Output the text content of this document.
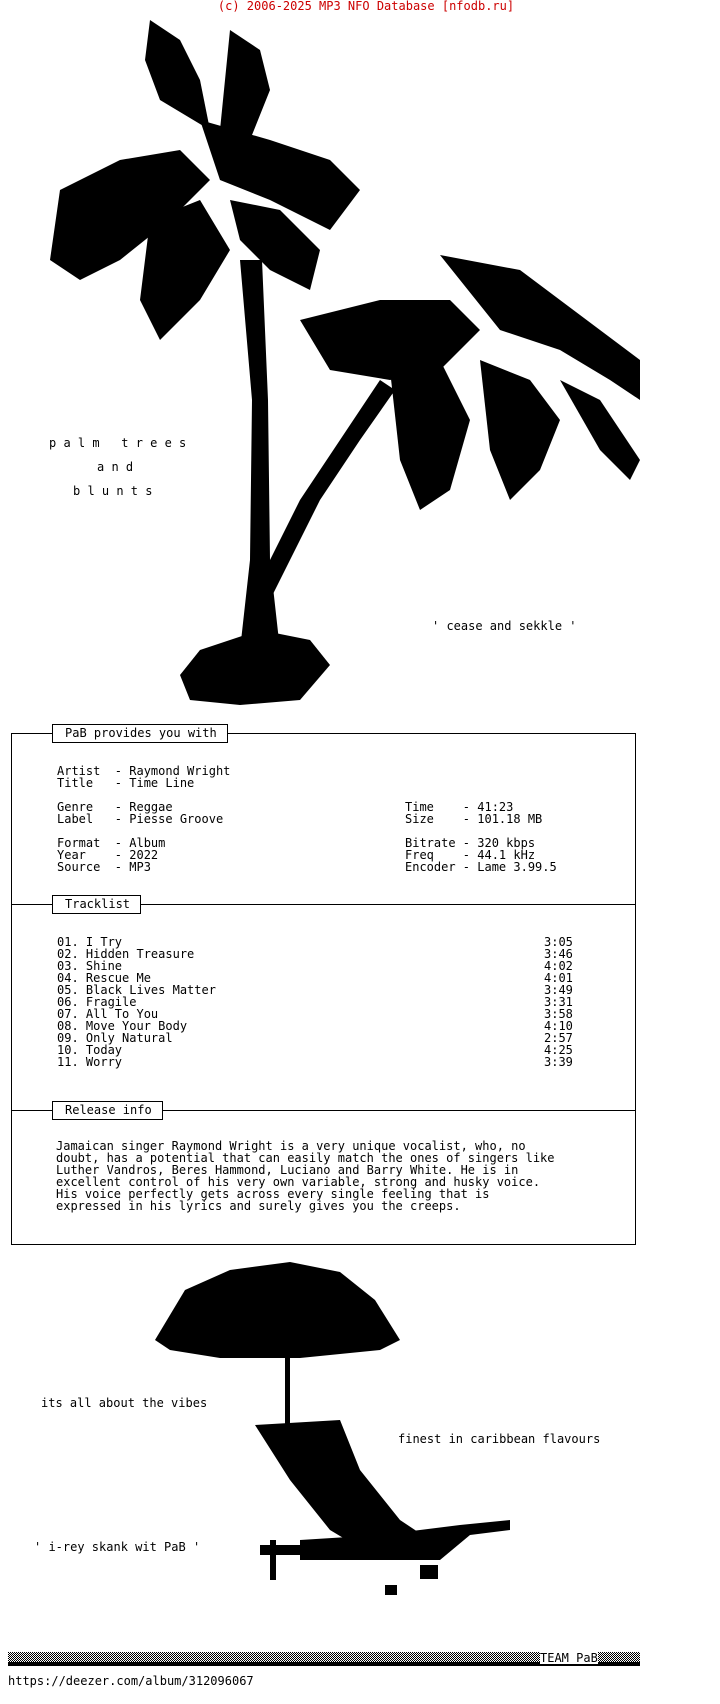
(c) 2006-2025 MP3 NFO Database [nfodb.ru]
p a l m   t r e e s
a n d
b l u n t s
' cease and sekkle '
PaB provides you with
Artist  - Raymond Wright
Title   - Time Line
Genre   - Reggae
Label   - Piesse Groove
Format  - Album
Year    - 2022
Source  - MP3
Time    - 41:23
Size    - 101.18 MB
Bitrate - 320 kbps
Freq    - 44.1 kHz
Encoder - Lame 3.99.5
Tracklist
01. I Try	3:05
02. Hidden Treasure	3:46
03. Shine	4:02
04. Rescue Me	4:01
05. Black Lives Matter	3:49
06. Fragile	3:31
07. All To You	3:58
08. Move Your Body	4:10
09. Only Natural	2:57
10. Today	4:25
11. Worry	3:39
Release info
Jamaican singer Raymond Wright is a very unique vocalist, who, no
doubt, has a potential that can easily match the ones of singers like
Luther Vandros, Beres Hammond, Luciano and Barry White. He is in
excellent control of his very own variable, strong and husky voice.
His voice perfectly gets across every single feeling that is
expressed in his lyrics and surely gives you the creeps.
its all about the vibes
finest in caribbean flavours
' i-rey skank wit PaB '
TEAM PaB
https://deezer.com/album/312096067
